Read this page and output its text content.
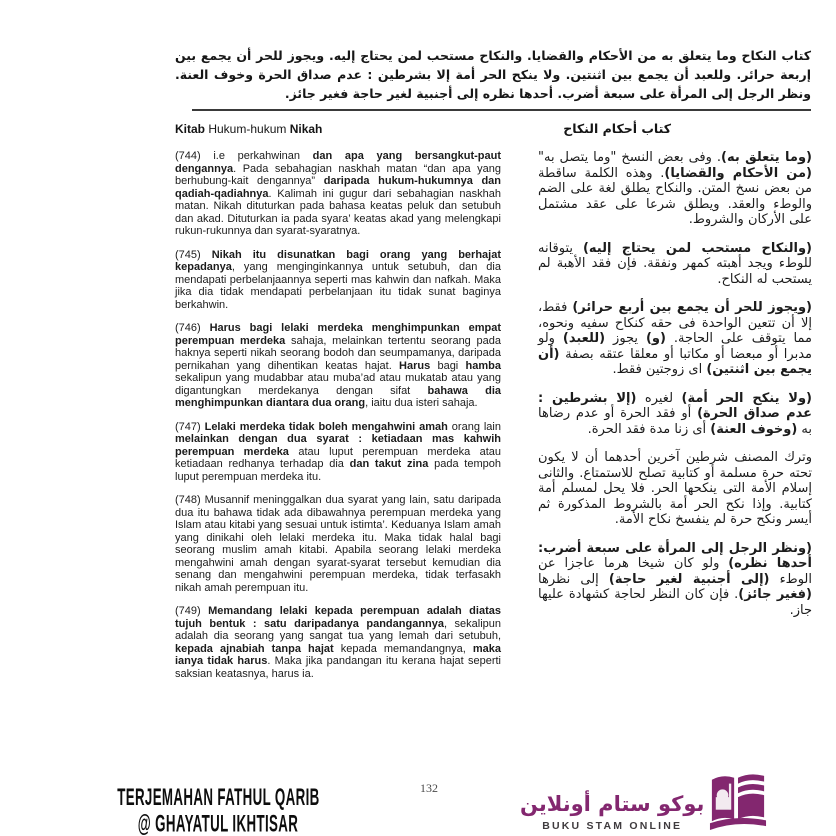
كتاب النكاح وما يتعلق به من الأحكام والقضايا. والنكاح مستحب لمن يحتاج إليه. ويجوز للحر أن يجمع بين إربعة حرائر. وللعبد أن يجمع بين اثنتين. ولا ينكح الحر أمة إلا بشرطين : عدم صداق الحرة وخوف العنة. ونظر الرجل إلى المرأة على سبعة أضرب. أحدها نظره إلى أجنبية لغير حاجة فغير جائز.
Kitab Hukum-hukum Nikah	كتاب أحكام النكاح
(744) i.e perkahwinan dan apa yang bersangkut-paut dengannya. Pada sebahagian naskhah matan “dan apa yang berhubung-kait dengannya” daripada hukum-hukumnya dan qadiah-qadiahnya. Kalimah ini gugur dari sebahagian naskhah matan. Nikah dituturkan pada bahasa keatas peluk dan setubuh dan akad. Dituturkan ia pada syara’ keatas akad yang melengkapi rukun-rukunnya dan syarat-syaratnya.
(745) Nikah itu disunatkan bagi orang yang berhajat kepadanya, yang menginginkannya untuk setubuh, dan dia mendapati perbelanjaannya seperti mas kahwin dan nafkah. Maka jika dia tidak mendapati perbelanjaan itu tidak sunat baginya berkahwin.
(746) Harus bagi lelaki merdeka menghimpunkan empat perempuan merdeka sahaja, melainkan tertentu seorang pada haknya seperti nikah seorang bodoh dan seumpamanya, daripada pernikahan yang dihentikan keatas hajat. Harus bagi hamba sekalipun yang mudabbar atau muba’ad atau mukatab atau yang digantungkan merdekanya dengan sifat bahawa dia menghimpunkan diantara dua orang, iaitu dua isteri sahaja.
(747) Lelaki merdeka tidak boleh mengahwini amah orang lain melainkan dengan dua syarat : ketiadaan mas kahwih perempuan merdeka atau luput perempuan merdeka atau ketiadaan redhanya terhadap dia dan takut zina pada tempoh luput perempuan merdeka itu.
(748) Musannif meninggalkan dua syarat yang lain, satu daripada dua itu bahawa tidak ada dibawahnya perempuan merdeka yang Islam atau kitabi yang sesuai untuk istimta’. Keduanya Islam amah yang dinikahi oleh lelaki merdeka itu. Maka tidak halal bagi seorang muslim amah kitabi. Apabila seorang lelaki merdeka mengahwini amah dengan syarat-syarat tersebut kemudian dia senang dan mengahwini perempuan merdeka, tidak terfasakh nikah amah perempuan itu.
(749) Memandang lelaki kepada perempuan adalah diatas tujuh bentuk : satu daripadanya pandangannya, sekalipun adalah dia seorang yang sangat tua yang lemah dari setubuh, kepada ajnabiah tanpa hajat kepada memandangnya, maka ianya tidak harus. Maka jika pandangan itu kerana hajat seperti saksian keatasnya, harus ia.
(وما يتعلق به). وفى بعض النسخ "وما يتصل به" (من الأحكام والقضايا). وهذه الكلمة ساقطة من بعض نسخ المتن. والنكاح يطلق لغة على الضم والوطء والعقد. ويطلق شرعا على عقد مشتمل على الأركان والشروط.
(والنكاح مستحب لمن يحتاج إليه) يتوقانه للوطء ويجد أهبته كمهر ونفقة. فإن فقد الأهبة لم يستحب له النكاح.
(ويجوز للحر أن يجمع بين أربع حرائر) فقط، إلا أن تتعين الواحدة فى حقه كنكاح سفيه ونحوه، مما يتوقف على الحاجة. (و) يجوز (للعبد) ولو مدبرا أو مبعضا أو مكاتبا أو معلقا عتقه بصفة (أن يجمع بين اثنتين) اى زوجتين فقط.
(ولا ينكح الحر أمة) لغيره (إلا بشرطين : عدم صداق الحرة) أو فقد الحرة أو عدم رضاها به (وخوف العنة) أى زنا مدة فقد الحرة.
وترك المصنف شرطين آخرين أحدهما أن لا يكون تحته حرة مسلمة أو كتابية تصلح للاستمتاع. والثانى إسلام الأمة التى ينكحها الحر. فلا يحل لمسلم أمة كتابية. وإذا نكح الحر أمة بالشروط المذكورة ثم أيسر ونكح حرة لم ينفسخ نكاح الأمة.
(ونظر الرجل إلى المرأة على سبعة أضرب: أحدها نظره) ولو كان شيخا هرما عاجزا عن الوطء (إلى أجنبية لغير حاجة) إلى نظرها (فغير جائز). فإن كان النظر لحاجة كشهادة عليها جاز.
132
TERJEMAHAN FATHUL QARIB
@ GHAYATUL IKHTISAR
بوكو ستام أونلاين
BUKU STAM ONLINE
